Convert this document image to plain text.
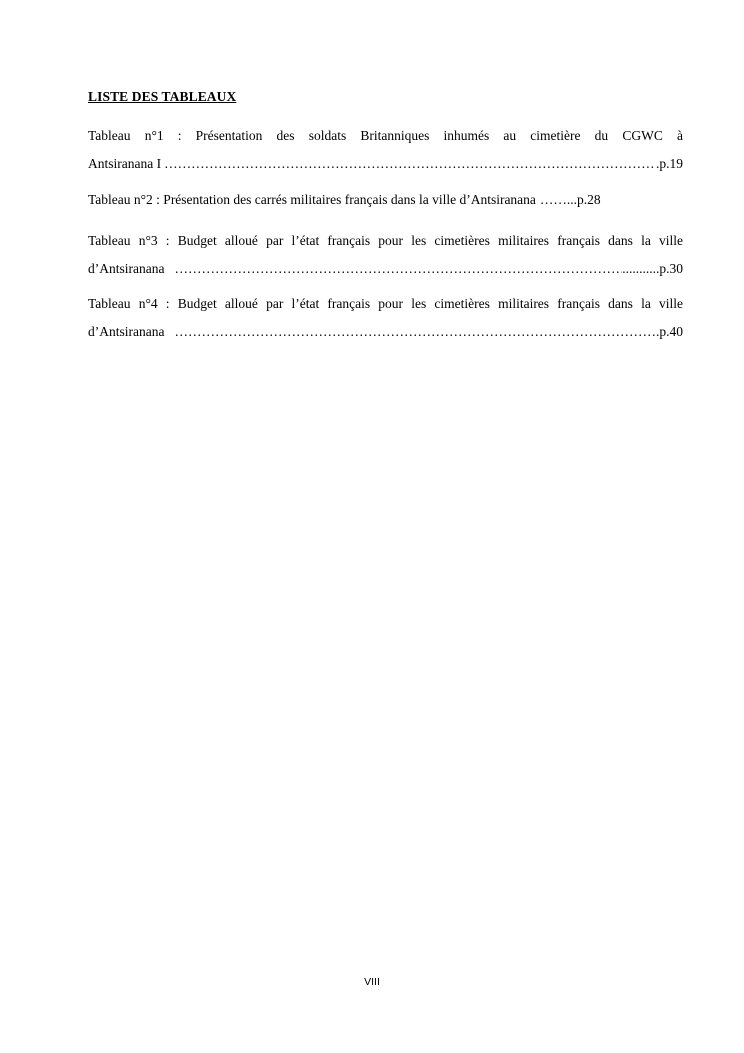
LISTE DES TABLEAUX
Tableau n°1 : Présentation des soldats Britanniques inhumés au cimetière du CGWC à
Antsiranana I …………………………………………………………………………………………………………………………………………………………	.p.19
Tableau n°2 : Présentation des carrés militaires français dans la ville d’Antsiranana ……...p.28
Tableau n°3 : Budget alloué par l’état français pour les cimetières militaires français dans la ville
d’Antsiranana …………………………………………………………………………………………………………………………………………………………	...........p.30
Tableau n°4 : Budget alloué par l’état français pour les cimetières militaires français dans la ville
d’Antsiranana …………………………………………………………………………………………………………………………………………………………	.p.40
VIII
